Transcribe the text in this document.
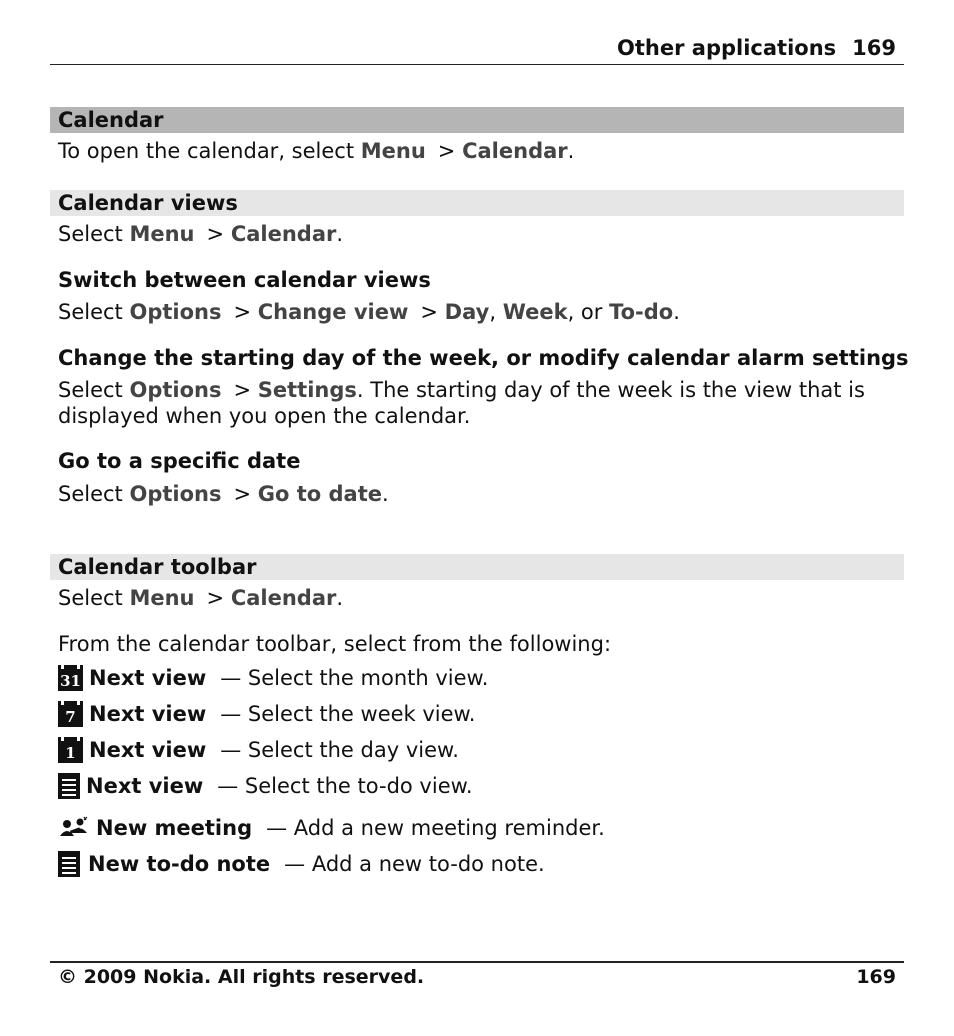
Other applications 169
Calendar
To open the calendar, select Menu > Calendar.
Calendar views
Select Menu > Calendar.
Switch between calendar views
Select Options > Change view > Day, Week, or To-do.
Change the starting day of the week, or modify calendar alarm settings
Select Options > Settings. The starting day of the week is the view that is displayed when you open the calendar.
Go to a specific date
Select Options > Go to date.
Calendar toolbar
Select Menu > Calendar.
From the calendar toolbar, select from the following:
31 Next view — Select the month view.
7 Next view — Select the week view.
1 Next view — Select the day view.
Next view — Select the to-do view.
New meeting — Add a new meeting reminder.
New to-do note — Add a new to-do note.
© 2009 Nokia. All rights reserved.	169
